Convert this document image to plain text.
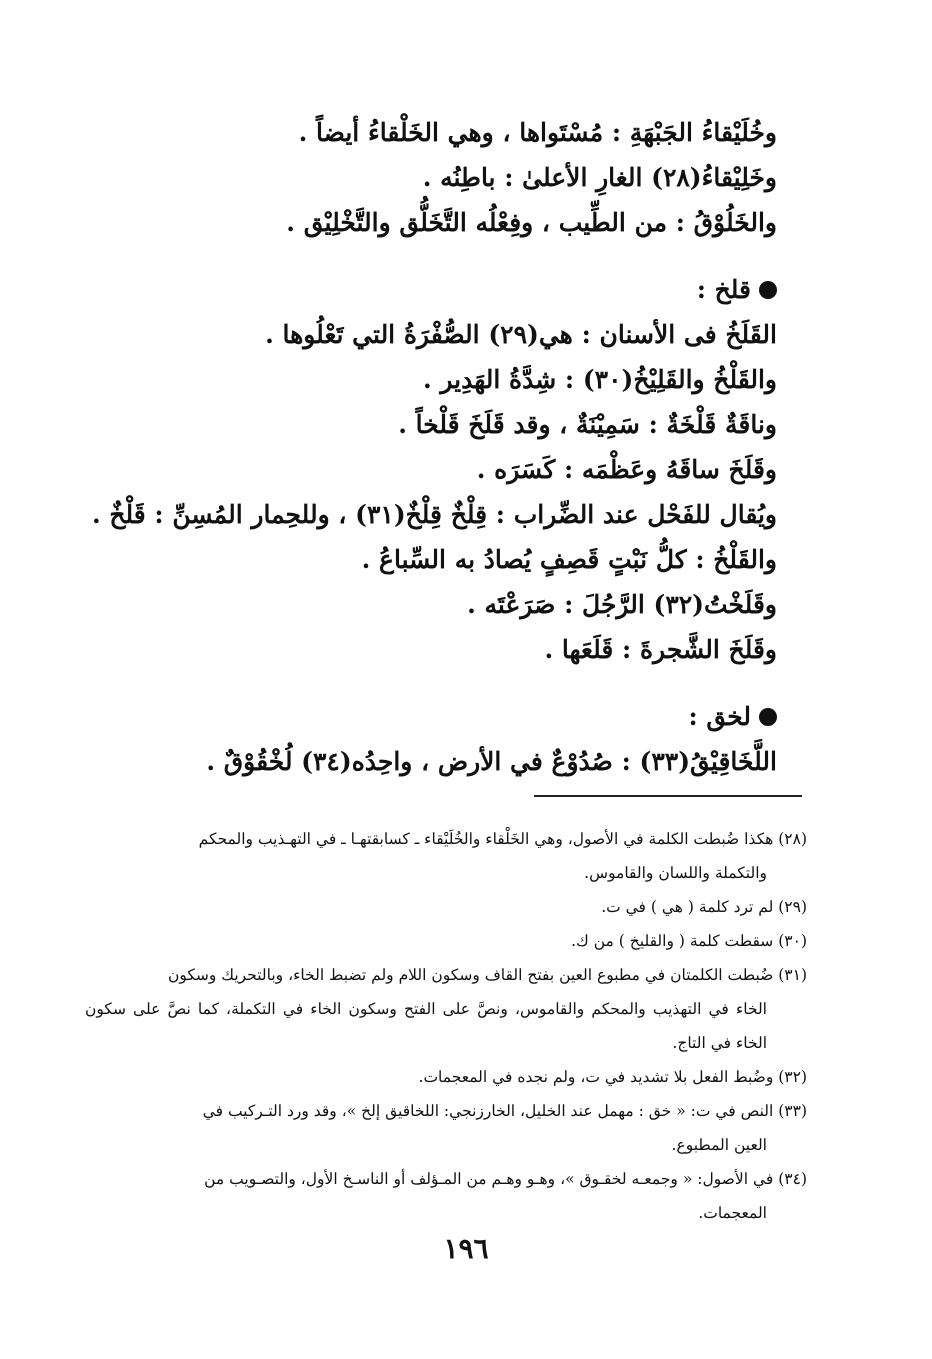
وخُلَيْقاءُ الجَبْهَةِ : مُسْتَواها ، وهي الخَلْقاءُ أيضاً .
وخَلِيْقاءُ(٢٨) الغارِ الأعلىٰ : باطِنُه .
والخَلُوْقُ : من الطِّيب ، وفِعْلُه التَّخَلُّق والتَّخْلِيْق .
قلخ :
القَلَخُ فى الأسنان : هي(٢٩) الصُّفْرَةُ التي تَعْلُوها .
والقَلْخُ والقَلِيْخُ(٣٠) : شِدَّةُ الهَدِير .
وناقَةٌ قَلْخَةٌ : سَمِيْنَةٌ ، وقد قَلَخَ قَلْخاً .
وقَلَخَ ساقَهُ وعَظْمَه : كَسَرَه .
ويُقال للفَحْل عند الضِّراب : قِلْخٌ قِلْخٌ(٣١) ، وللحِمار المُسِنِّ : قَلْخٌ .
والقَلْخُ : كلُّ نَبْتٍ قَصِفٍ يُصادُ به السِّباعُ .
وقَلَخْتُ(٣٢) الرَّجُلَ : صَرَعْتَه .
وقَلَخَ الشَّجرةَ : قَلَعَها .
لخق :
اللَّخَاقِيْقُ(٣٣) : صُدُوْعٌ في الأرض ، واحِدُه(٣٤) لُخْقُوْقٌ .
(٢٨) هكذا ضُبطت الكلمة في الأصول، وهي الخَلْقاء والخُلَيْقاء ـ كسابقتهـا ـ في التهـذيب والمحكم
والتكملة واللسان والقاموس.
(٢٩) لم ترد كلمة ( هي ) في ت.
(٣٠) سقطت كلمة ( والقليخ ) من ك.
(٣١) ضُبطت الكلمتان في مطبوع العين بفتح القاف وسكون اللام ولم تضبط الخاء، وبالتحريك وسكون
الخاء في التهذيب والمحكم والقاموس، ونصَّ على الفتح وسكون الخاء في التكملة، كما نصَّ على سكون الخاء في التاج.
(٣٢) وضُبط الفعل بلا تشديد في ت، ولم نجده في المعجمات.
(٣٣) النص في ت: « خق : مهمل عند الخليل، الخارزنجي: اللخاقيق إلخ »، وقد ورد التـركيب في
العين المطبوع.
(٣٤) في الأصول: « وجمعـه لخقـوق »، وهـو وهـم من المـؤلف أو الناسـخ الأول، والتصـويب من
المعجمات.
١٩٦
